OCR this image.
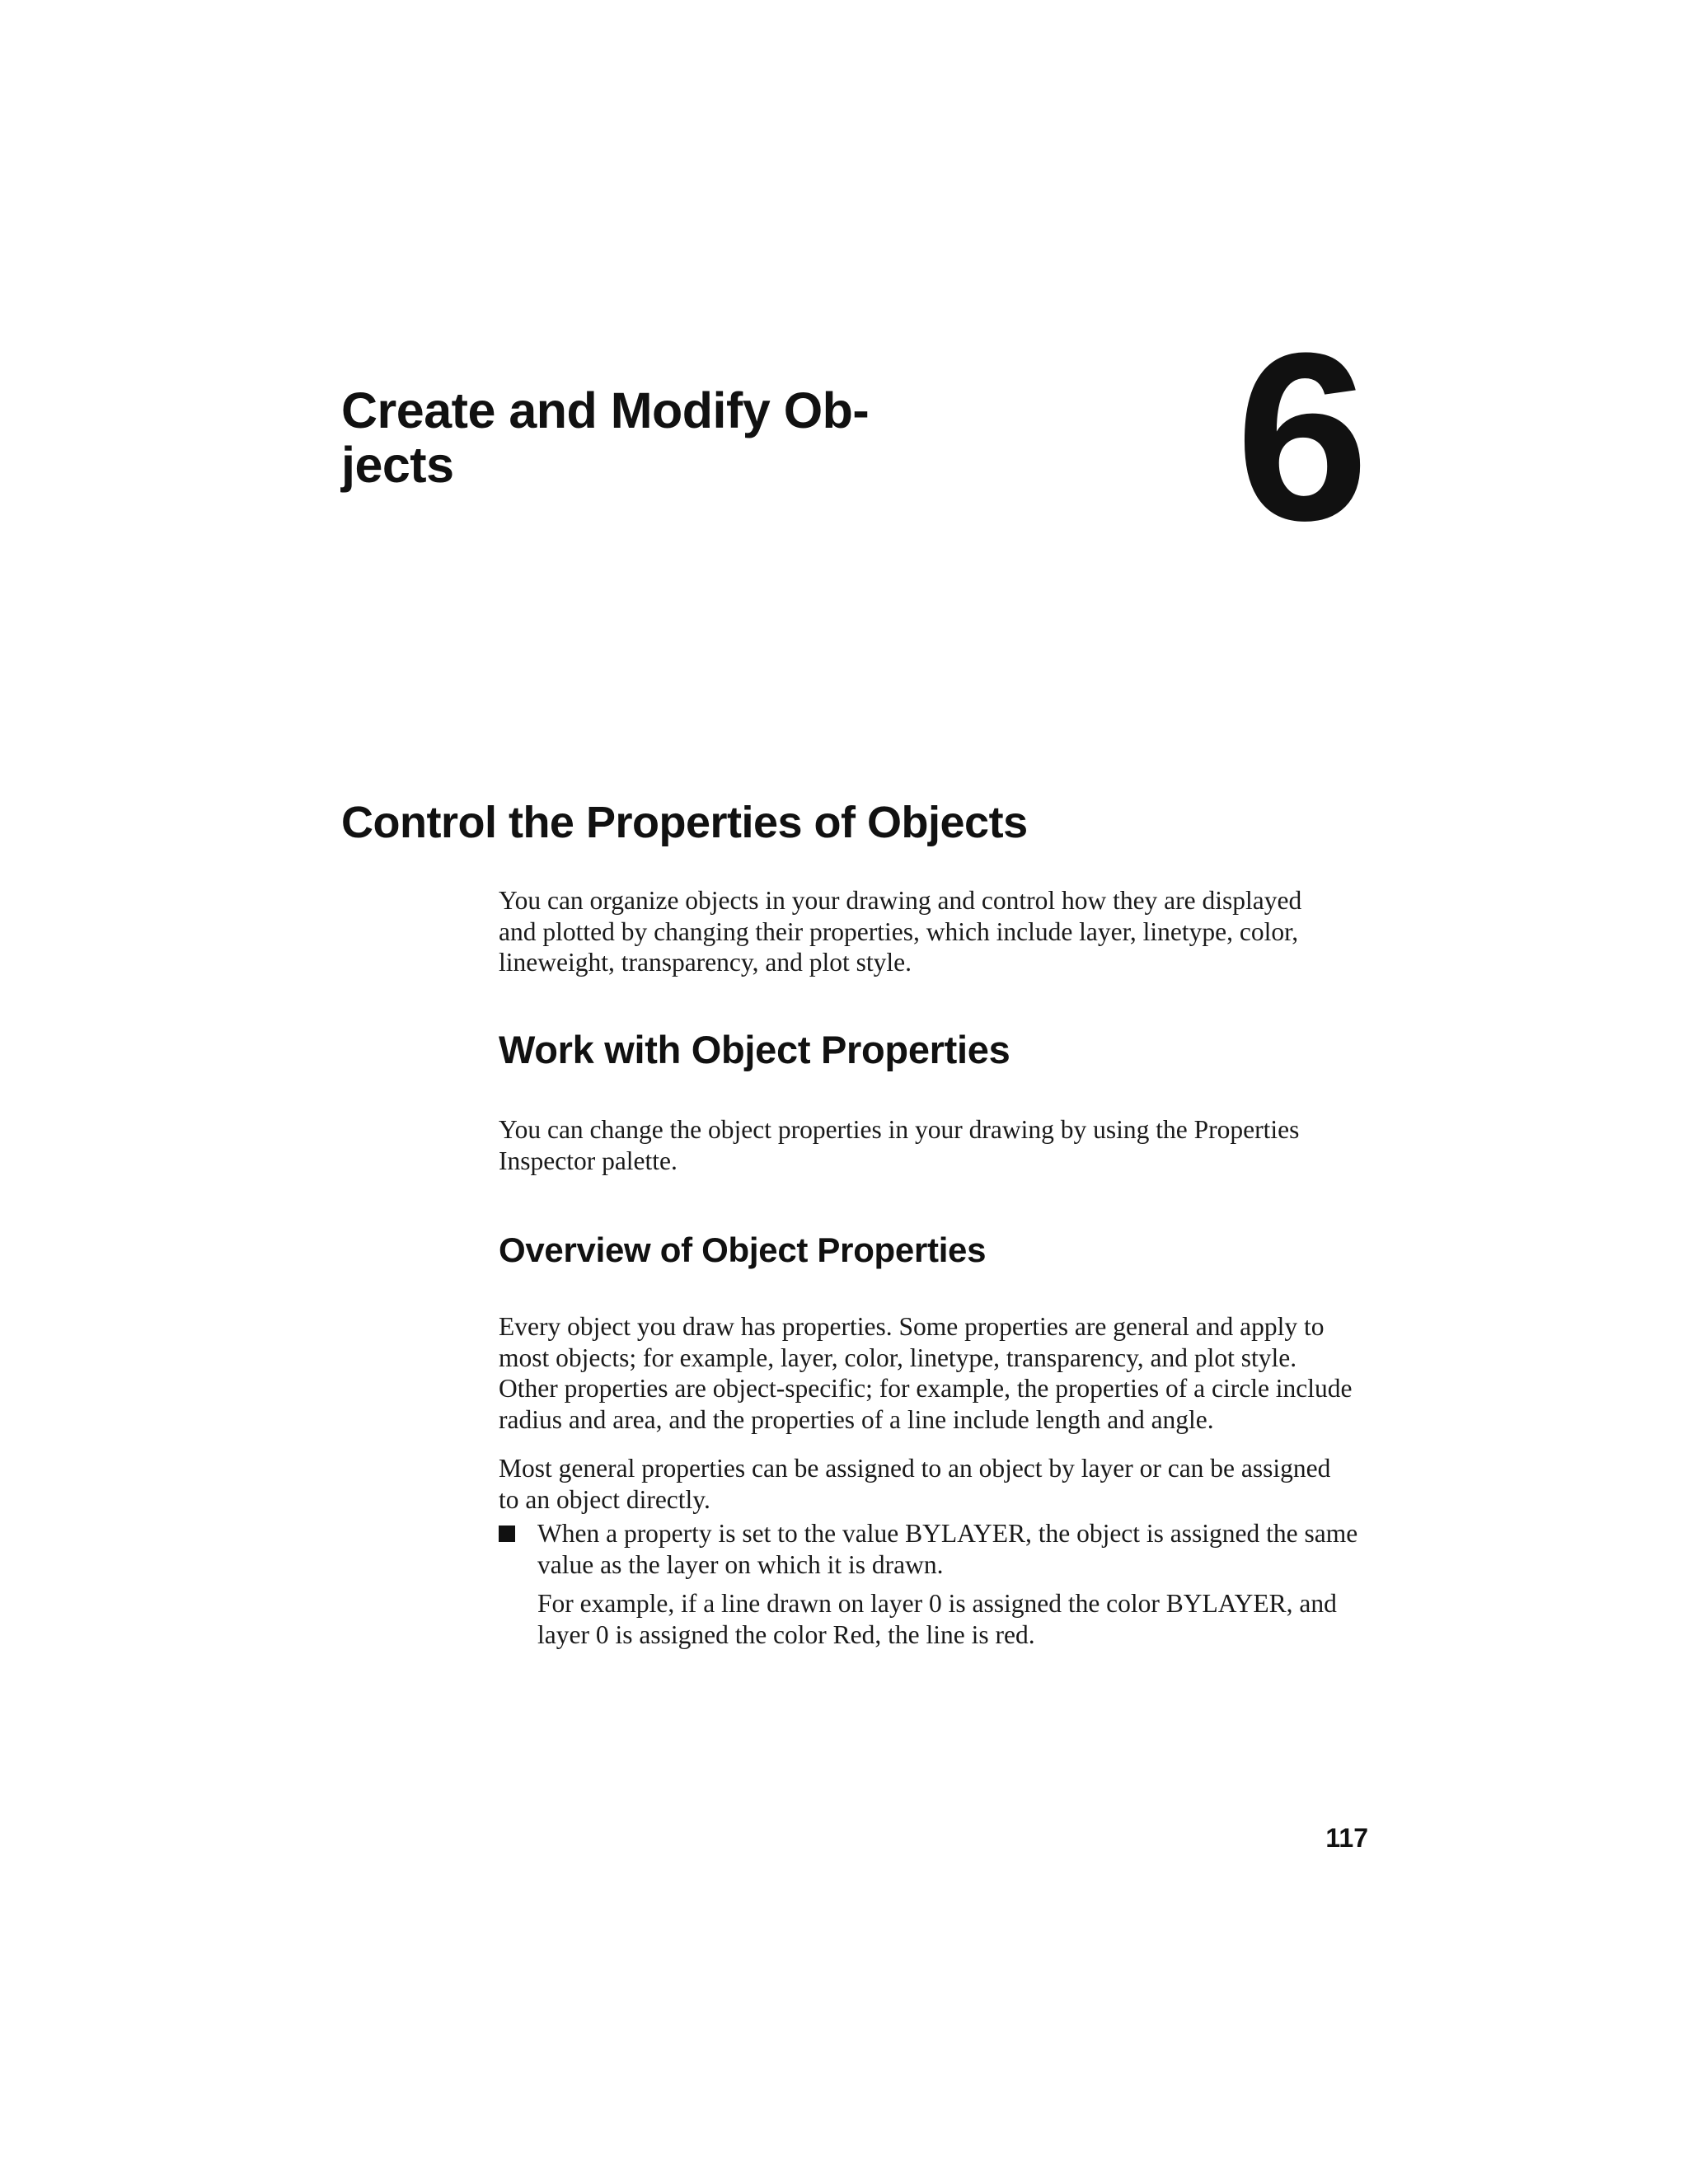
Create and Modify Ob-
jects	6
Control the Properties of Objects

You can organize objects in your drawing and control how they are displayed
and plotted by changing their properties, which include layer, linetype, color,
lineweight, transparency, and plot style.

Work with Object Properties

You can change the object properties in your drawing by using the Properties
Inspector palette.

Overview of Object Properties

Every object you draw has properties. Some properties are general and apply to
most objects; for example, layer, color, linetype, transparency, and plot style.
Other properties are object-specific; for example, the properties of a circle include
radius and area, and the properties of a line include length and angle.

Most general properties can be assigned to an object by layer or can be assigned
to an object directly.

When a property is set to the value BYLAYER, the object is assigned the same
value as the layer on which it is drawn.

For example, if a line drawn on layer 0 is assigned the color BYLAYER, and
layer 0 is assigned the color Red, the line is red.

117
